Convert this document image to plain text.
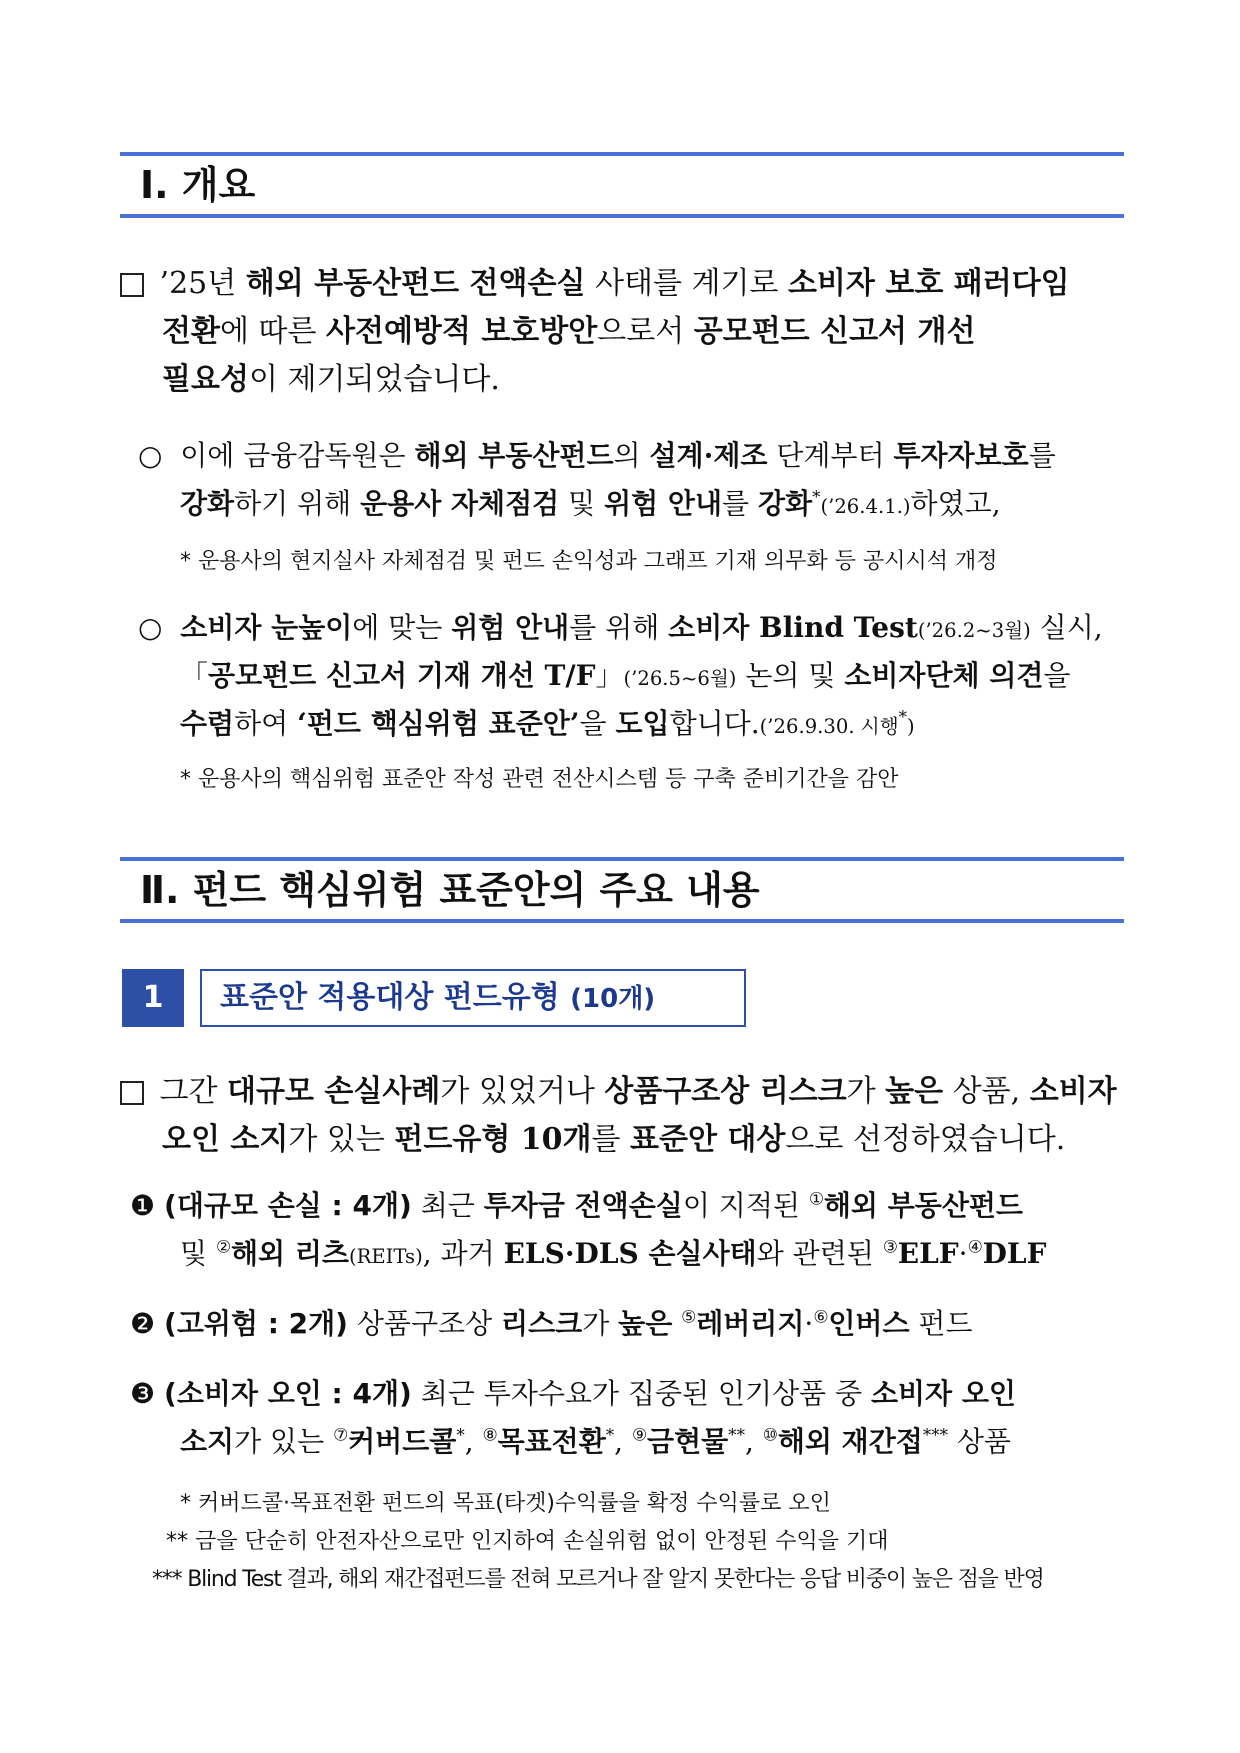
Ⅰ. 개요
’25년 해외 부동산펀드 전액손실 사태를 계기로 소비자 보호 패러다임
전환에 따른 사전예방적 보호방안으로서 공모펀드 신고서 개선
필요성이 제기되었습니다.
○ 이에 금융감독원은 해외 부동산펀드의 설계·제조 단계부터 투자자보호를
강화하기 위해 운용사 자체점검 및 위험 안내를 강화*(’26.4.1.)하였고,
* 운용사의 현지실사 자체점검 및 펀드 손익성과 그래프 기재 의무화 등 공시시석 개정
○ 소비자 눈높이에 맞는 위험 안내를 위해 소비자 Blind Test(’26.2~3월) 실시,
「공모펀드 신고서 기재 개선 T/F」(’26.5~6월) 논의 및 소비자단체 의견을
수렴하여 ‘펀드 핵심위험 표준안’을 도입합니다.(’26.9.30. 시행*)
* 운용사의 핵심위험 표준안 작성 관련 전산시스템 등 구축 준비기간을 감안
Ⅱ. 펀드 핵심위험 표준안의 주요 내용
1	표준안 적용대상 펀드유형 (10개)
그간 대규모 손실사례가 있었거나 상품구조상 리스크가 높은 상품, 소비자
오인 소지가 있는 펀드유형 10개를 표준안 대상으로 선정하였습니다.
❶ (대규모 손실 : 4개) 최근 투자금 전액손실이 지적된 ①해외 부동산펀드
및 ②해외 리츠(REITs), 과거 ELS·DLS 손실사태와 관련된 ③ELF·④DLF
❷ (고위험 : 2개) 상품구조상 리스크가 높은 ⑤레버리지·⑥인버스 펀드
❸ (소비자 오인 : 4개) 최근 투자수요가 집중된 인기상품 중 소비자 오인
소지가 있는 ⑦커버드콜*, ⑧목표전환*, ⑨금현물**, ⑩해외 재간접*** 상품
* 커버드콜·목표전환 펀드의 목표(타겟)수익률을 확정 수익률로 오인
** 금을 단순히 안전자산으로만 인지하여 손실위험 없이 안정된 수익을 기대
*** Blind Test 결과, 해외 재간접펀드를 전혀 모르거나 잘 알지 못한다는 응답 비중이 높은 점을 반영
